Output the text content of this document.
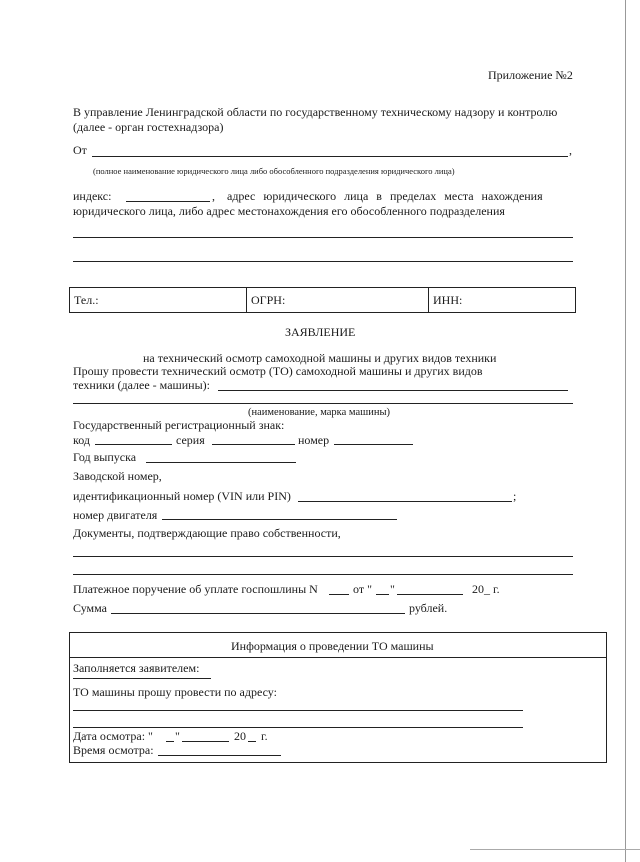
Приложение №2
В управление Ленинградской области по государственному техническому надзору и контролю
(далее - орган гостехнадзора)
От	,
(полное наименование юридического лица либо обособленного подразделения юридического лица)
индекс:	, адрес юридического лица в пределах места нахождения
юридического лица, либо адрес местонахождения его обособленного подразделения
Тел.:	ОГРН:	ИНН:
ЗАЯВЛЕНИЕ
на технический осмотр самоходной машины и других видов техники
Прошу провести технический осмотр (ТО) самоходной машины и других видов
техники (далее - машины):
(наименование, марка машины)
Государственный регистрационный знак:
код	серия	номер
Год выпуска
Заводской номер,
идентификационный номер (VIN или PIN)	;
номер двигателя
Документы, подтверждающие право собственности,
Платежное поручение об уплате госпошлины N	от " "	20_ г.
Сумма	рублей.
Информация о проведении ТО машины
Заполняется заявителем:
ТО машины прошу провести по адресу:
Дата осмотра: " "	20 г.
Время осмотра:
